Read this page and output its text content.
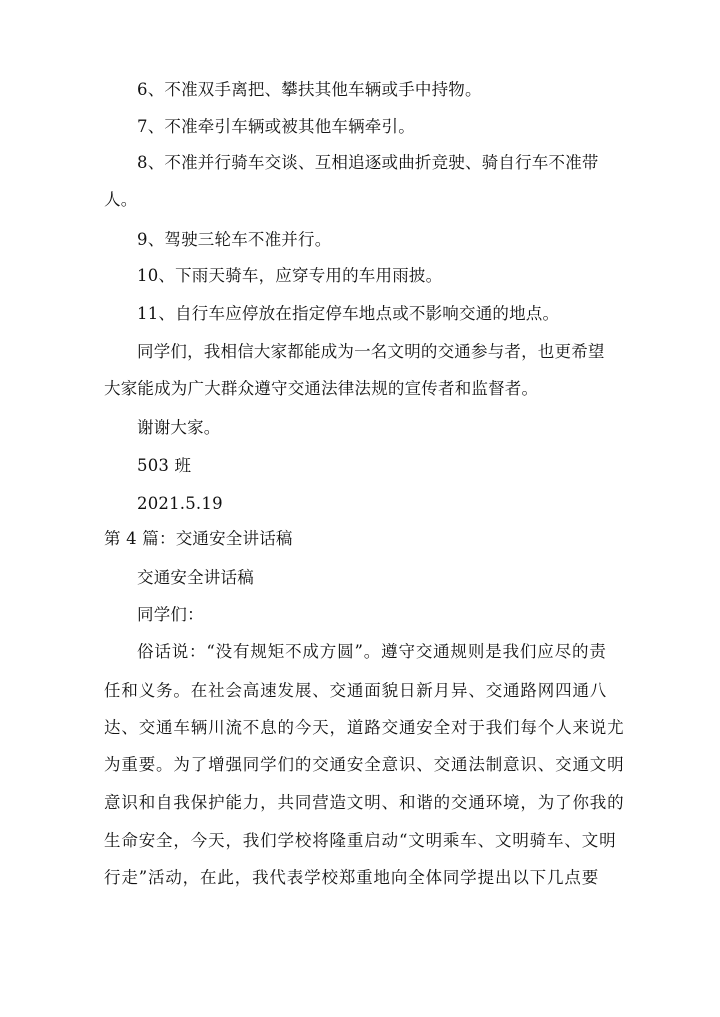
6、不准双手离把、攀扶其他车辆或手中持物。
7、不准牵引车辆或被其他车辆牵引。
8、不准并行骑车交谈、互相追逐或曲折竞驶、骑自行车不准带
人。
9、驾驶三轮车不准并行。
10、下雨天骑车，应穿专用的车用雨披。
11、自行车应停放在指定停车地点或不影响交通的地点。
同学们，我相信大家都能成为一名文明的交通参与者，也更希望
大家能成为广大群众遵守交通法律法规的宣传者和监督者。
谢谢大家。
503 班
2021.5.19
第 4 篇：交通安全讲话稿
交通安全讲话稿
同学们：
俗话说：“没有规矩不成方圆”。遵守交通规则是我们应尽的责
任和义务。在社会高速发展、交通面貌日新月异、交通路网四通八
达、交通车辆川流不息的今天，道路交通安全对于我们每个人来说尤
为重要。为了增强同学们的交通安全意识、交通法制意识、交通文明
意识和自我保护能力，共同营造文明、和谐的交通环境，为了你我的
生命安全，今天，我们学校将隆重启动“文明乘车、文明骑车、文明
行走”活动，在此，我代表学校郑重地向全体同学提出以下几点要
